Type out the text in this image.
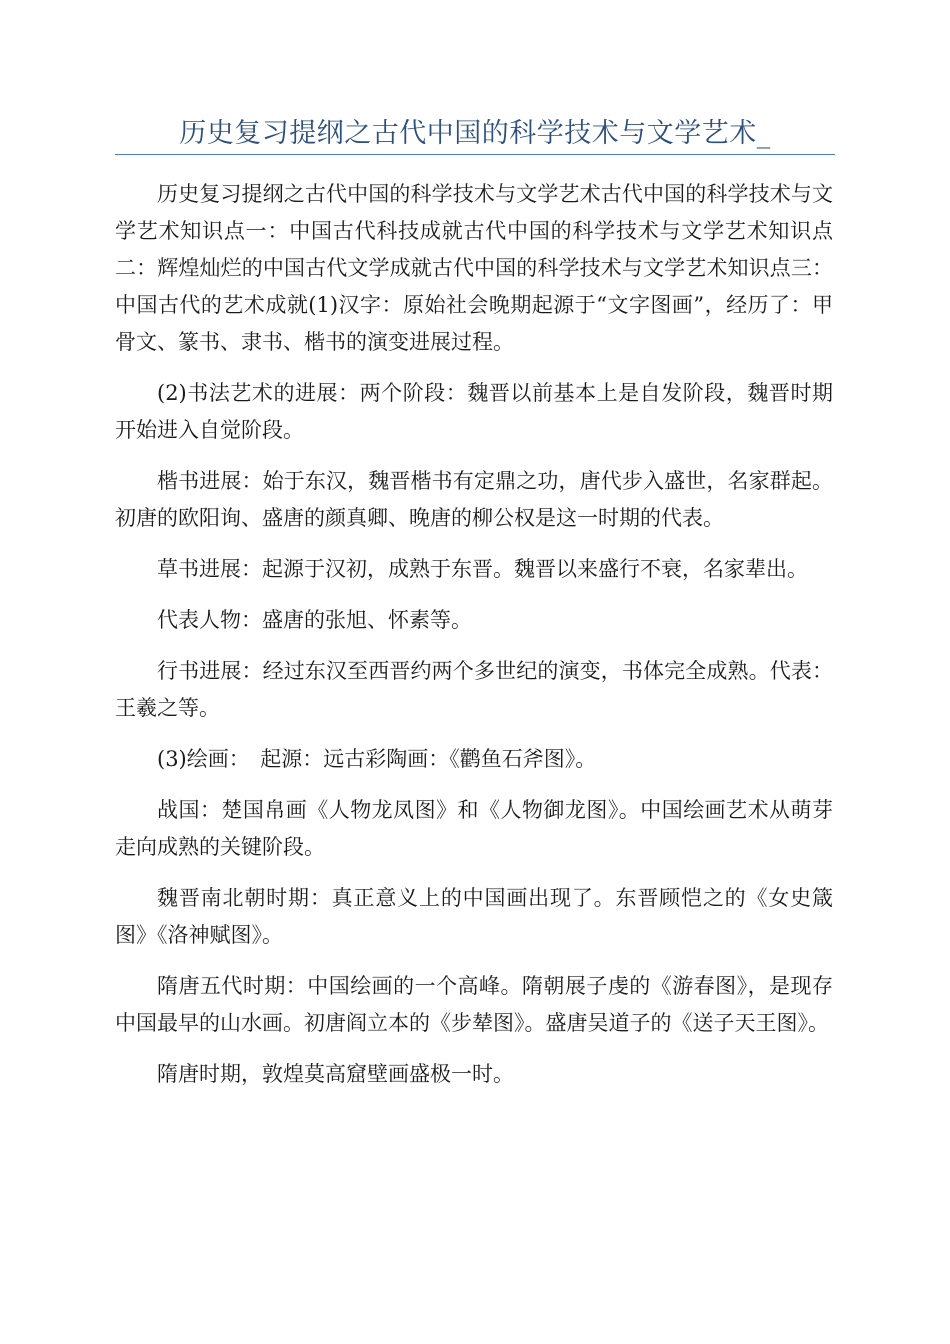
历史复习提纲之古代中国的科学技术与文学艺术_

历史复习提纲之古代中国的科学技术与文学艺术古代中国的科学技术与文学艺术知识点一：中国古代科技成就古代中国的科学技术与文学艺术知识点二：辉煌灿烂的中国古代文学成就古代中国的科学技术与文学艺术知识点三：中国古代的艺术成就(1)汉字：原始社会晚期起源于“文字图画”，经历了：甲骨文、篆书、隶书、楷书的演变进展过程。

(2)书法艺术的进展：两个阶段：魏晋以前基本上是自发阶段，魏晋时期开始进入自觉阶段。

楷书进展：始于东汉，魏晋楷书有定鼎之功，唐代步入盛世，名家群起。初唐的欧阳询、盛唐的颜真卿、晚唐的柳公权是这一时期的代表。

草书进展：起源于汉初，成熟于东晋。魏晋以来盛行不衰，名家辈出。

代表人物：盛唐的张旭、怀素等。

行书进展：经过东汉至西晋约两个多世纪的演变，书体完全成熟。代表：王羲之等。

(3)绘画：　起源：远古彩陶画：《鹳鱼石斧图》。

战国：楚国帛画《人物龙凤图》和《人物御龙图》。中国绘画艺术从萌芽走向成熟的关键阶段。

魏晋南北朝时期：真正意义上的中国画出现了。东晋顾恺之的《女史箴图》《洛神赋图》。

隋唐五代时期：中国绘画的一个高峰。隋朝展子虔的《游春图》，是现存中国最早的山水画。初唐阎立本的《步辇图》。盛唐吴道子的《送子天王图》。

隋唐时期，敦煌莫高窟壁画盛极一时。
